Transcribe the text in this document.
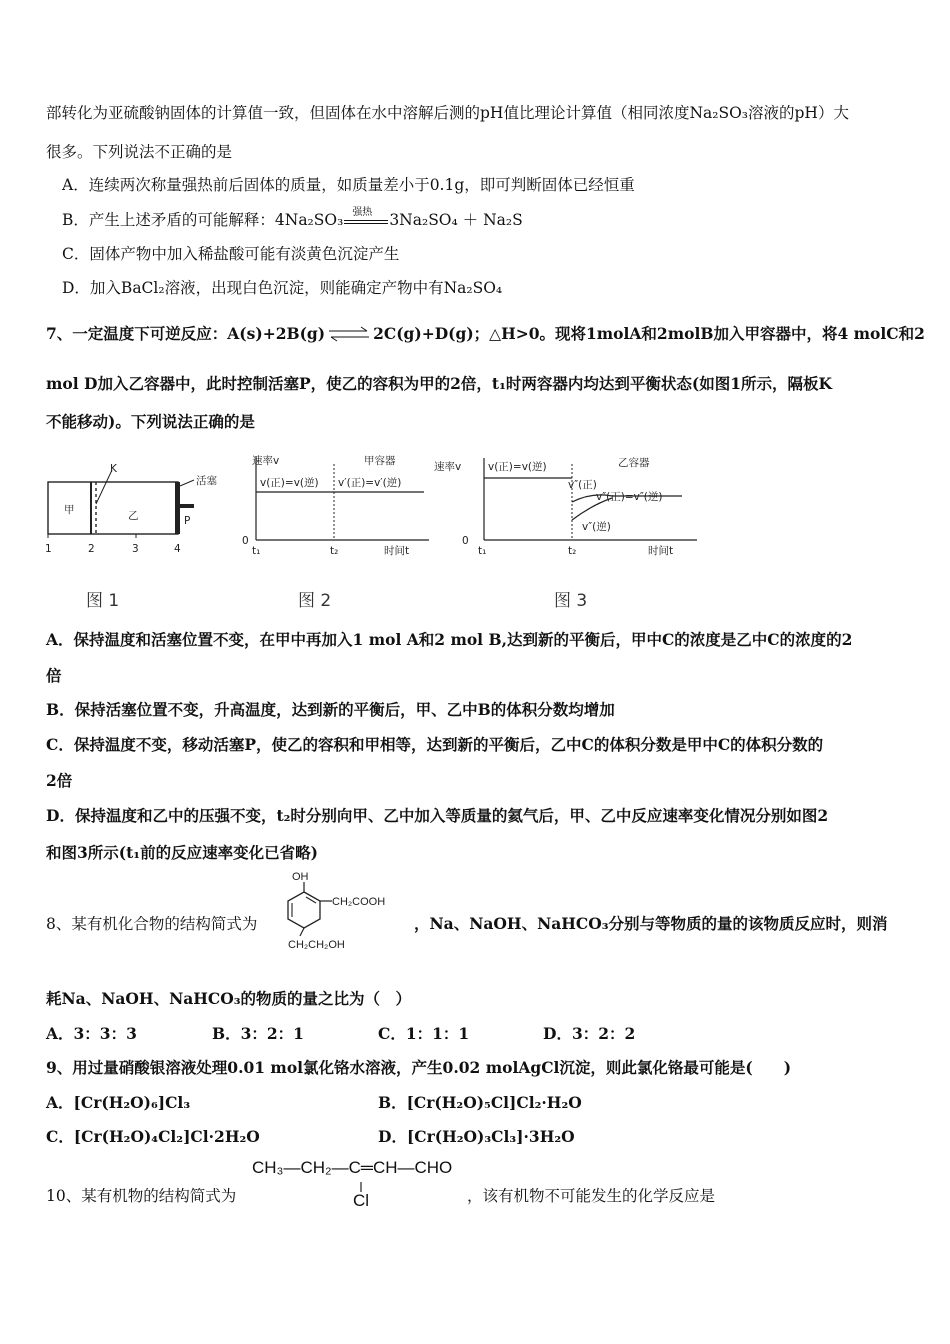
部转化为亚硫酸钠固体的计算值一致，但固体在水中溶解后测的pH值比理论计算值（相同浓度Na₂SO₃溶液的pH）大
很多。下列说法不正确的是
A．连续两次称量强热前后固体的质量，如质量差小于0.1g，即可判断固体已经恒重
B．产生上述矛盾的可能解释：4Na₂SO₃ 强热 3Na₂SO₄ ＋ Na₂S
C．固体产物中加入稀盐酸可能有淡黄色沉淀产生
D．加入BaCl₂溶液，出现白色沉淀，则能确定产物中有Na₂SO₄
7、一定温度下可逆反应：A(s)+2B(g) ⇌ 2C(g)+D(g)；△H>0。现将1molA和2molB加入甲容器中，将4 molC和2
mol D加入乙容器中，此时控制活塞P，使乙的容积为甲的2倍，t₁时两容器内均达到平衡状态(如图1所示，隔板K
不能移动)。下列说法正确的是
甲	乙
K
活塞
P
1	2	3	4
图 1
速率v	甲容器
v(正)=v(逆) v′(正)=v′(逆)
0
t₁	t₂	时间t
图 2
速率v	乙容器
v(正)=v(逆)
v″(正)
v″(正)=v″(逆)
v″(逆)
0
t₁	t₂	时间t
图 3
A．保持温度和活塞位置不变，在甲中再加入1 mol A和2 mol B,达到新的平衡后，甲中C的浓度是乙中C的浓度的2
倍
B．保持活塞位置不变，升高温度，达到新的平衡后，甲、乙中B的体积分数均增加
C．保持温度不变，移动活塞P，使乙的容积和甲相等，达到新的平衡后，乙中C的体积分数是甲中C的体积分数的
2倍
D．保持温度和乙中的压强不变，t₂时分别向甲、乙中加入等质量的氦气后，甲、乙中反应速率变化情况分别如图2
和图3所示(t₁前的反应速率变化已省略)
8、某有机化合物的结构简式为
OH
CH₂COOH
CH₂CH₂OH
，Na、NaOH、NaHCO₃分别与等物质的量的该物质反应时，则消
耗Na、NaOH、NaHCO₃的物质的量之比为（　）
A．3：3：3	B．3：2：1	C．1：1：1	D．3：2：2
9、用过量硝酸银溶液处理0.01 mol氯化铬水溶液，产生0.02 molAgCl沉淀，则此氯化铬最可能是(　　)
A．[Cr(H₂O)₆]Cl₃	B．[Cr(H₂O)₅Cl]Cl₂·H₂O
C．[Cr(H₂O)₄Cl₂]Cl·2H₂O	D．[Cr(H₂O)₃Cl₃]·3H₂O
10、某有机物的结构简式为
CH₃—CH₂—C═CH—CHO
Cl	，该有机物不可能发生的化学反应是
